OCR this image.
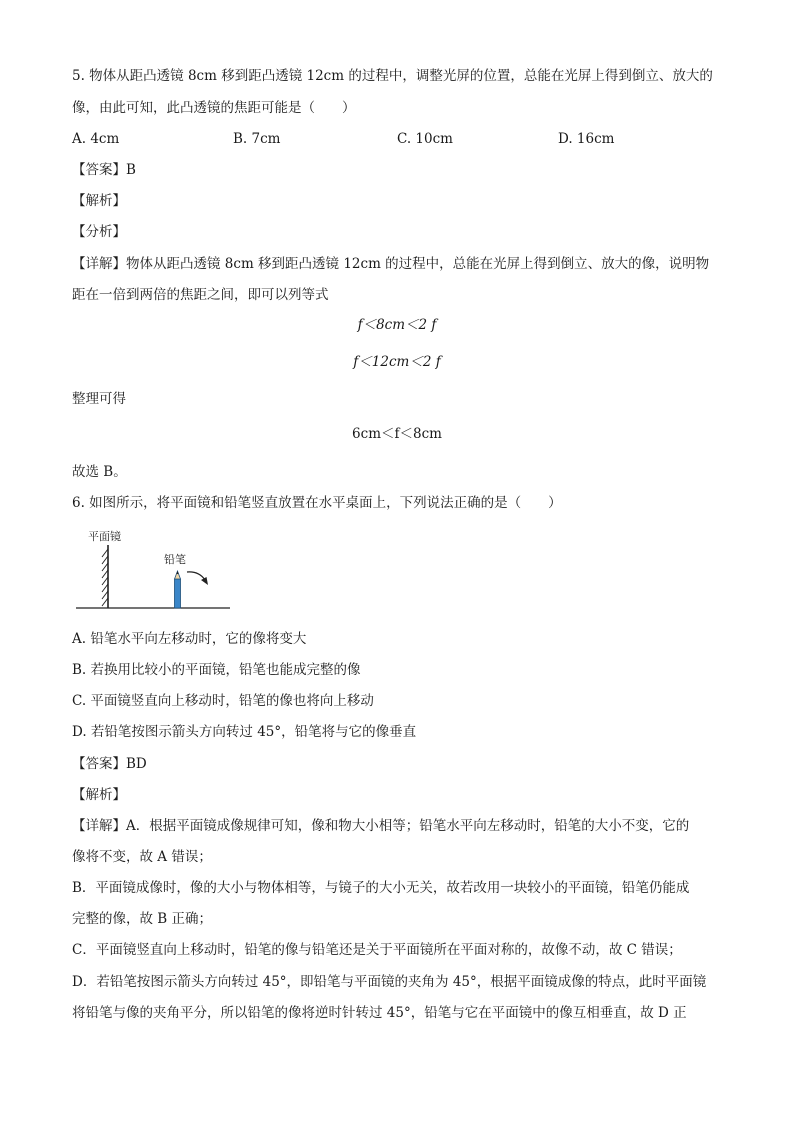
5. 物体从距凸透镜 8cm 移到距凸透镜 12cm 的过程中，调整光屏的位置，总能在光屏上得到倒立、放大的
像，由此可知，此凸透镜的焦距可能是（　　）
A. 4cm	B. 7cm	C. 10cm	D. 16cm
【答案】B
【解析】
【分析】
【详解】物体从距凸透镜 8cm 移到距凸透镜 12cm 的过程中，总能在光屏上得到倒立、放大的像，说明物
距在一倍到两倍的焦距之间，即可以列等式
f＜8cm＜2 f
f＜12cm＜2 f
整理可得
6cm＜f＜8cm
故选 B。
6. 如图所示，将平面镜和铅笔竖直放置在水平桌面上，下列说法正确的是（　　）
平面镜
铅笔
A. 铅笔水平向左移动时，它的像将变大
B. 若换用比较小的平面镜，铅笔也能成完整的像
C. 平面镜竖直向上移动时，铅笔的像也将向上移动
D. 若铅笔按图示箭头方向转过 45°，铅笔将与它的像垂直
【答案】BD
【解析】
【详解】A．根据平面镜成像规律可知，像和物大小相等；铅笔水平向左移动时，铅笔的大小不变，它的
像将不变，故 A 错误；
B．平面镜成像时，像的大小与物体相等，与镜子的大小无关，故若改用一块较小的平面镜，铅笔仍能成
完整的像，故 B 正确；
C．平面镜竖直向上移动时，铅笔的像与铅笔还是关于平面镜所在平面对称的，故像不动，故 C 错误；
D．若铅笔按图示箭头方向转过 45°，即铅笔与平面镜的夹角为 45°，根据平面镜成像的特点，此时平面镜
将铅笔与像的夹角平分，所以铅笔的像将逆时针转过 45°，铅笔与它在平面镜中的像互相垂直，故 D 正
